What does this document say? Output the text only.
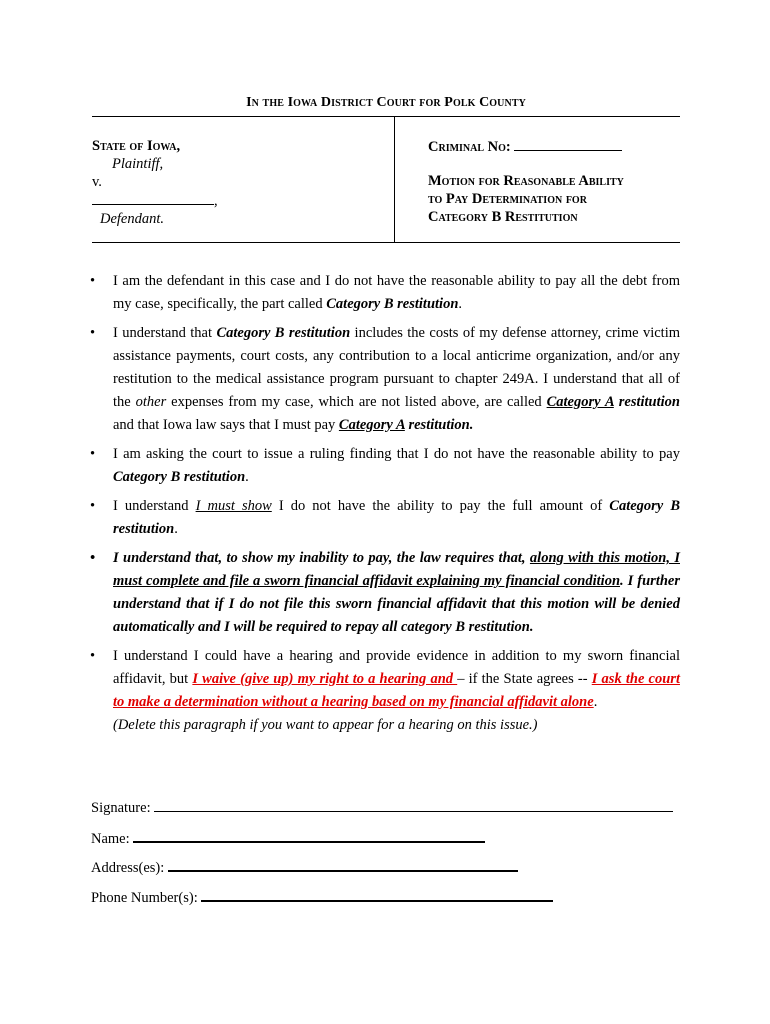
In the Iowa District Court for Polk County
State of Iowa,
Plaintiff,
v.
,
Defendant.
Criminal No:
Motion for Reasonable Ability
to Pay Determination for
Category B Restitution
• I am the defendant in this case and I do not have the reasonable ability to pay all the debt from my case, specifically, the part called Category B restitution.
• I understand that Category B restitution includes the costs of my defense attorney, crime victim assistance payments, court costs, any contribution to a local anticrime organization, and/or any restitution to the medical assistance program pursuant to chapter 249A. I understand that all of the other expenses from my case, which are not listed above, are called Category A restitution and that Iowa law says that I must pay Category A restitution.
• I am asking the court to issue a ruling finding that I do not have the reasonable ability to pay Category B restitution.
• I understand I must show I do not have the ability to pay the full amount of Category B restitution.
• I understand that, to show my inability to pay, the law requires that, along with this motion, I must complete and file a sworn financial affidavit explaining my financial condition. I further understand that if I do not file this sworn financial affidavit that this motion will be denied automatically and I will be required to repay all category B restitution.
• I understand I could have a hearing and provide evidence in addition to my sworn financial affidavit, but I waive (give up) my right to a hearing and – if the State agrees -- I ask the court to make a determination without a hearing based on my financial affidavit alone.
(Delete this paragraph if you want to appear for a hearing on this issue.)
Signature:
Name:
Address(es):
Phone Number(s):
